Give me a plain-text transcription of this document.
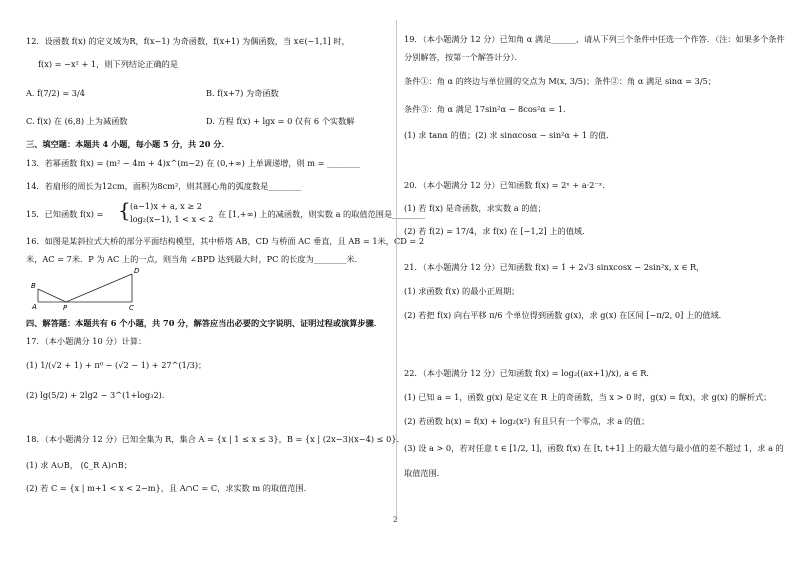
12．设函数 f(x) 的定义域为R，f(x−1) 为奇函数，f(x+1) 为偶函数，当 x∈(−1,1] 时，
f(x) = −x² + 1，则下列结论正确的是
A. f(7/2) = 3/4	B. f(x+7) 为奇函数
C. f(x) 在 (6,8) 上为减函数	D. 方程 f(x) + lgx = 0 仅有 6 个实数解
三、填空题：本题共 4 小题，每小题 5 分，共 20 分．
13．若幂函数 f(x) = (m² − 4m + 4)x^(m−2) 在 (0,+∞) 上单调递增，则 m = ________
14．若扇形的周长为12cm，面积为8cm²，则其圆心角的弧度数是________
15．已知函数 f(x) = { (a−1)x + a, x ≥ 2
log₂(x−1), 1 < x < 2 在 [1,+∞) 上的减函数，则实数 a 的取值范围是________
16．如图是某斜拉式大桥的部分平面结构模型，其中桥塔 AB，CD 与桥面 AC 垂直，且 AB = 1米，CD = 2
米，AC = 7米．P 为 AC 上的一点，则当角 ∠BPD 达到最大时，PC 的长度为________米．
A
B
P	C
D
四、解答题：本题共有 6 个小题，共 70 分，解答应当出必要的文字说明、证明过程或演算步骤．
17．（本小题满分 10 分）计算：
(1) 1/(√2 + 1) + π⁰ − (√2 − 1) + 27^(1/3)；
(2) lg(5/2) + 2lg2 − 3^(1+log₃2)．
18．（本小题满分 12 分）已知全集为 R，集合 A = {x | 1 ≤ x ≤ 3}，B = {x | (2x−3)(x−4) ≤ 0}．
(1) 求 A∪B， (∁_R A)∩B；
(2) 若 C = {x | m+1 < x < 2−m}，且 A∩C = C，求实数 m 的取值范围．
19．（本小题满分 12 分）已知角 α 满足______，请从下列三个条件中任选一个作答．（注：如果多个条件
分别解答，按第一个解答计分）．
条件①：角 α 的终边与单位圆的交点为 M(x, 3/5)；条件②：角 α 满足 sinα = 3/5；
条件③：角 α 满足 17sin²α − 8cos²α = 1．
(1) 求 tanα 的值；(2) 求 sinαcosα − sin²α + 1 的值．
20．（本小题满分 12 分）已知函数 f(x) = 2ˣ + a·2⁻ˣ．
(1) 若 f(x) 是奇函数，求实数 a 的值；
(2) 若 f(2) = 17/4，求 f(x) 在 [−1,2] 上的值域．
21．（本小题满分 12 分）已知函数 f(x) = 1 + 2√3 sinxcosx − 2sin²x, x ∈ R，
(1) 求函数 f(x) 的最小正周期；
(2) 若把 f(x) 向右平移 π/6 个单位得到函数 g(x)，求 g(x) 在区间 [−π/2, 0] 上的值域．
22．（本小题满分 12 分）已知函数 f(x) = log₂((ax+1)/x), a ∈ R．
(1) 已知 a = 1，函数 g(x) 是定义在 R 上的奇函数，当 x > 0 时，g(x) = f(x)，求 g(x) 的解析式；
(2) 若函数 h(x) = f(x) + log₂(x²) 有且只有一个零点，求 a 的值；
(3) 设 a > 0，若对任意 t ∈ [1/2, 1]，函数 f(x) 在 [t, t+1] 上的最大值与最小值的差不超过 1，求 a 的
取值范围．
2
